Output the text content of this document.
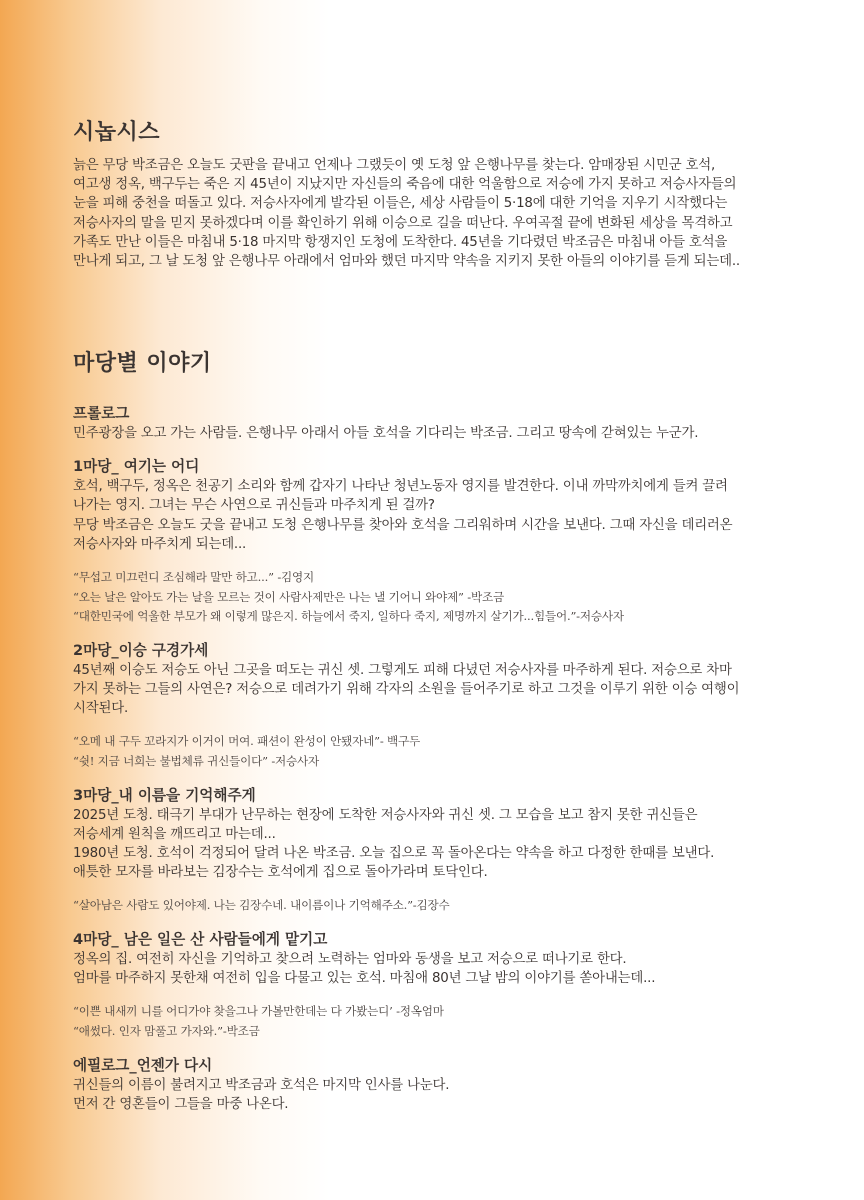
시놉시스

늙은 무당 박조금은 오늘도 굿판을 끝내고 언제나 그랬듯이 옛 도청 앞 은행나무를 찾는다. 암매장된 시민군 호석,

여고생 정옥, 백구두는 죽은 지 45년이 지났지만 자신들의 죽음에 대한 억울함으로 저승에 가지 못하고 저승사자들의

눈을 피해 중천을 떠돌고 있다. 저승사자에게 발각된 이들은, 세상 사람들이 5·18에 대한 기억을 지우기 시작했다는

저승사자의 말을 믿지 못하겠다며 이를 확인하기 위해 이승으로 길을 떠난다. 우여곡절 끝에 변화된 세상을 목격하고

가족도 만난 이들은 마침내 5·18 마지막 항쟁지인 도청에 도착한다. 45년을 기다렸던 박조금은 마침내 아들 호석을

만나게 되고, 그 날 도청 앞 은행나무 아래에서 엄마와 했던 마지막 약속을 지키지 못한 아들의 이야기를 듣게 되는데..

마당별 이야기
프롤로그

민주광장을 오고 가는 사람들. 은행나무 아래서 아들 호석을 기다리는 박조금. 그리고 땅속에 갇혀있는 누군가.

1마당_ 여기는 어디

호석, 백구두, 정옥은 천공기 소리와 함께 갑자기 나타난 청년노동자 영지를 발견한다. 이내 까막까치에게 들켜 끌려

나가는 영지. 그녀는 무슨 사연으로 귀신들과 마주치게 된 걸까?

무당 박조금은 오늘도 굿을 끝내고 도청 은행나무를 찾아와 호석을 그리워하며 시간을 보낸다. 그때 자신을 데리러온

저승사자와 마주치게 되는데...

“무섭고 미끄런디 조심해라 말만 하고...” -김영지
“오는 날은 알아도 가는 날을 모르는 것이 사람사제만은 나는 낼 기어니 와야제” -박조금
“대한민국에 억울한 부모가 왜 이렇게 많은지. 하늘에서 죽지, 일하다 죽지, 제명까지 살기가...힘들어.”-저승사자
2마당_이승 구경가세

45년째 이승도 저승도 아닌 그곳을 떠도는 귀신 셋. 그렇게도 피해 다녔던 저승사자를 마주하게 된다. 저승으로 차마

가지 못하는 그들의 사연은? 저승으로 데려가기 위해 각자의 소원을 들어주기로 하고 그것을 이루기 위한 이승 여행이

시작된다.

“오메 내 구두 꼬라지가 이거이 머여. 패션이 완성이 안됐자네”- 백구두
“쉿! 지금 너희는 불법체류 귀신들이다” -저승사자
3마당_내 이름을 기억해주게

2025년 도청. 태극기 부대가 난무하는 현장에 도착한 저승사자와 귀신 셋. 그 모습을 보고 참지 못한 귀신들은

저승세계 원칙을 깨뜨리고 마는데...

1980년 도청. 호석이 걱정되어 달려 나온 박조금. 오늘 집으로 꼭 돌아온다는 약속을 하고 다정한 한때를 보낸다.

애틋한 모자를 바라보는 김장수는 호석에게 집으로 돌아가라며 토닥인다.

“살아남은 사람도 있어야제. 나는 김장수네. 내이름이나 기억해주소.”-김장수
4마당_ 남은 일은 산 사람들에게 맡기고

정옥의 집. 여전히 자신을 기억하고 찾으려 노력하는 엄마와 동생을 보고 저승으로 떠나기로 한다.

엄마를 마주하지 못한채 여전히 입을 다물고 있는 호석. 마침애 80년 그날 밤의 이야기를 쏟아내는데...

“이쁜 내새끼 니를 어디가야 찾을그나 가볼만한데는 다 가봤는디’ -정옥엄마
“애썼다. 인자 맘풀고 가자와.”-박조금
에필로그_언젠가 다시

귀신들의 이름이 불려지고 박조금과 호석은 마지막 인사를 나눈다.

먼저 간 영혼들이 그들을 마중 나온다.
